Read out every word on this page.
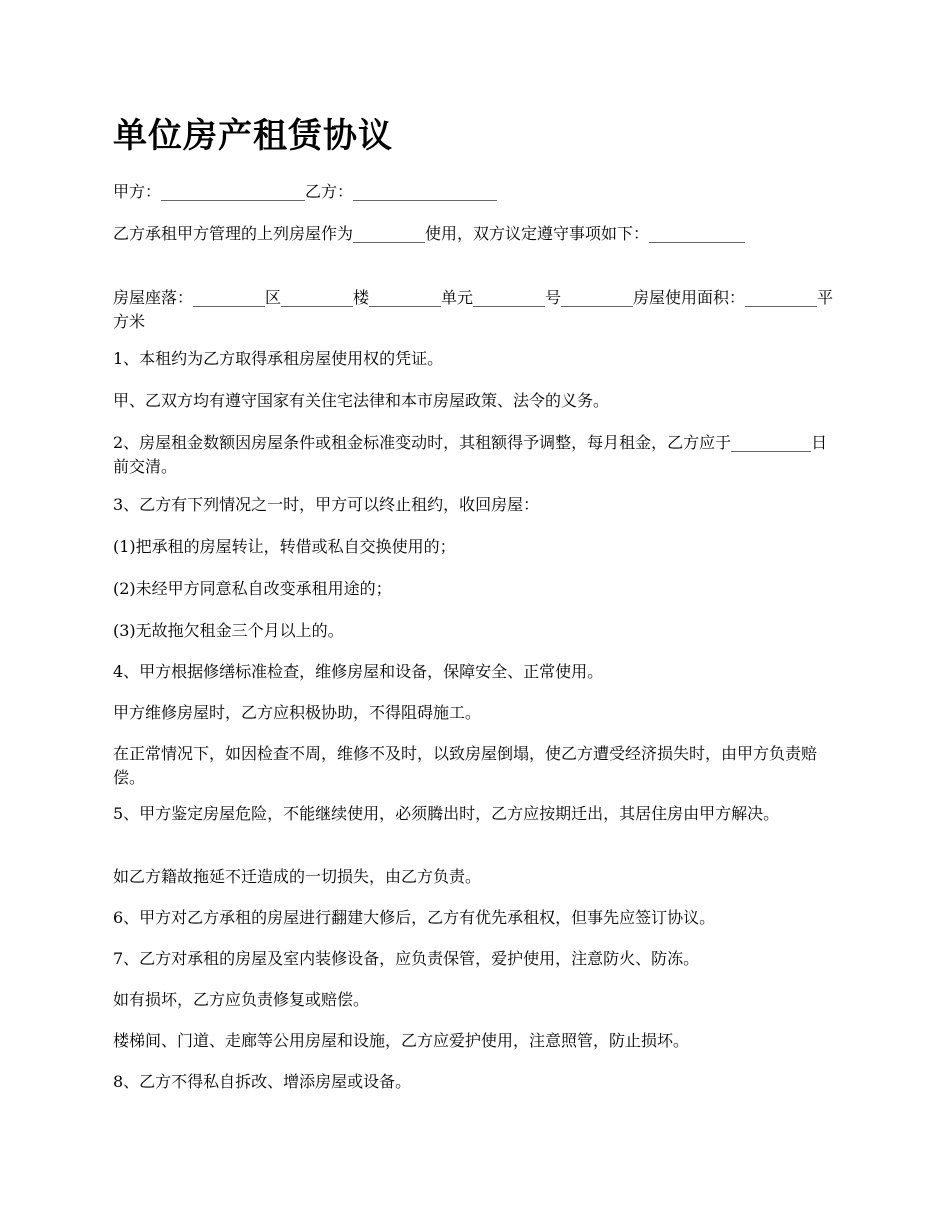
单位房产租赁协议

甲方：__________________乙方：__________________

乙方承租甲方管理的上列房屋作为_________使用，双方议定遵守事项如下：____________

房屋座落：_________区_________楼_________单元_________号_________房屋使用面积：_________平方米

1、本租约为乙方取得承租房屋使用权的凭证。

甲、乙双方均有遵守国家有关住宅法律和本市房屋政策、法令的义务。

2、房屋租金数额因房屋条件或租金标准变动时，其租额得予调整，每月租金，乙方应于__________日前交清。

3、乙方有下列情况之一时，甲方可以终止租约，收回房屋：

(1)把承租的房屋转让，转借或私自交换使用的；

(2)未经甲方同意私自改变承租用途的；

(3)无故拖欠租金三个月以上的。

4、甲方根据修缮标准检查，维修房屋和设备，保障安全、正常使用。

甲方维修房屋时，乙方应积极协助，不得阻碍施工。

在正常情况下，如因检查不周，维修不及时，以致房屋倒塌，使乙方遭受经济损失时，由甲方负责赔偿。

5、甲方鉴定房屋危险，不能继续使用，必须腾出时，乙方应按期迁出，其居住房由甲方解决。

如乙方籍故拖延不迁造成的一切损失，由乙方负责。

6、甲方对乙方承租的房屋进行翻建大修后，乙方有优先承租权，但事先应签订协议。

7、乙方对承租的房屋及室内装修设备，应负责保管，爱护使用，注意防火、防冻。

如有损坏，乙方应负责修复或赔偿。

楼梯间、门道、走廊等公用房屋和设施，乙方应爱护使用，注意照管，防止损坏。

8、乙方不得私自拆改、增添房屋或设备。
